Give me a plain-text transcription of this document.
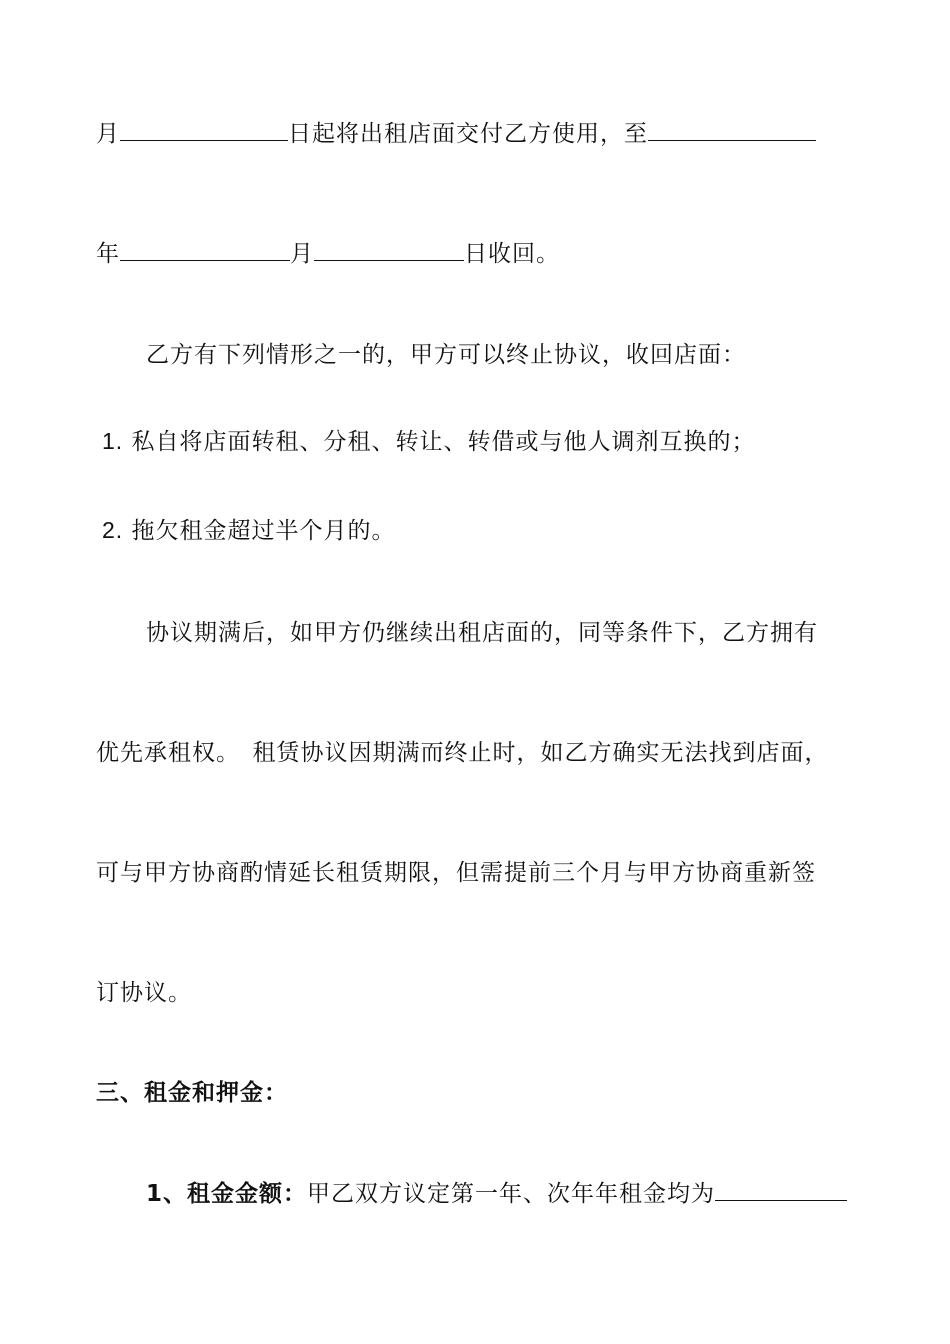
月	日起将出租店面交付乙方使用，至
年	月	日收回。
乙方有下列情形之一的，甲方可以终止协议，收回店面：
1. 私自将店面转租、分租、转让、转借或与他人调剂互换的；
2. 拖欠租金超过半个月的。
协议期满后，如甲方仍继续出租店面的，同等条件下，乙方拥有
优先承租权。　租赁协议因期满而终止时，如乙方确实无法找到店面，
可与甲方协商酌情延长租赁期限，但需提前三个月与甲方协商重新签
订协议。
三、租金和押金：
1、租金金额：甲乙双方议定第一年、次年年租金均为
